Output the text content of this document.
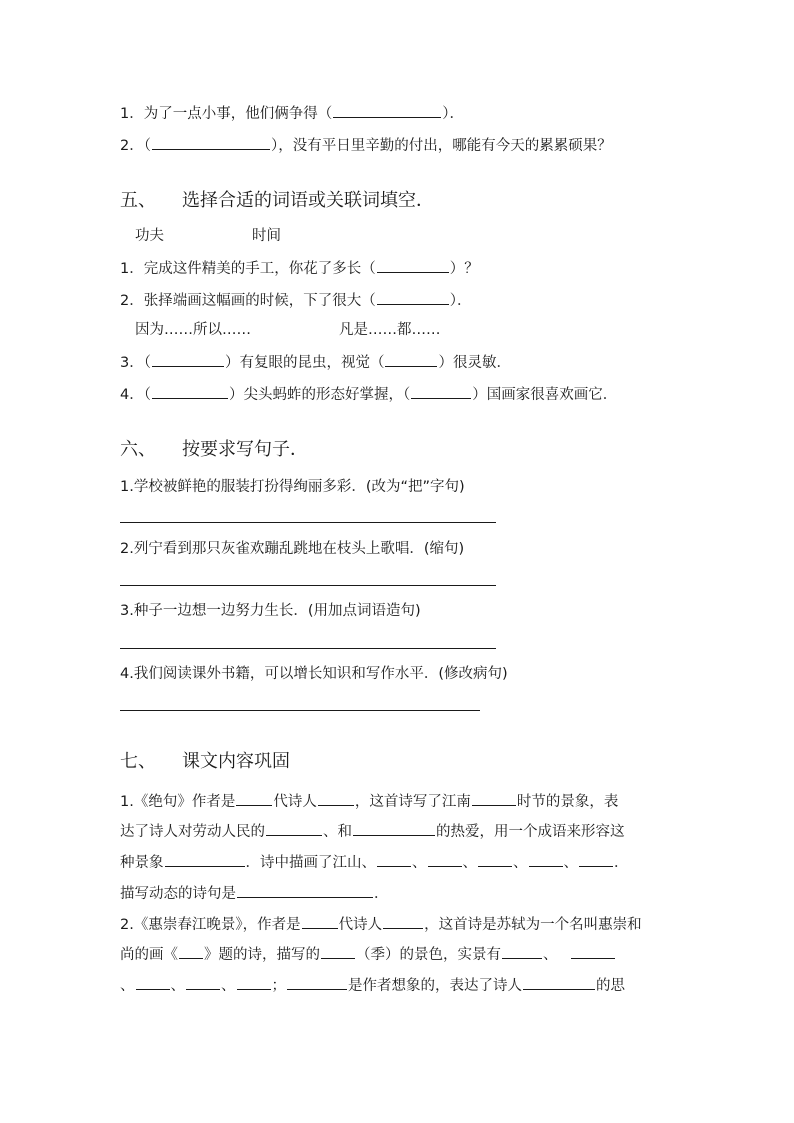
1．为了一点小事，他们俩争得（	）．
2．（	），没有平日里辛勤的付出，哪能有今天的累累硕果？
五、 选择合适的词语或关联词填空．
功夫	时间
1．完成这件精美的手工，你花了多长（	）？
2．张择端画这幅画的时候，下了很大（	）．
因为……所以……	凡是……都……
3．（	）有复眼的昆虫，视觉（	）很灵敏．
4．（	）尖头蚂蚱的形态好掌握，（	）国画家很喜欢画它．
六、 按要求写句子．
1.学校被鲜艳的服装打扮得绚丽多彩．(改为“把”字句)
2.列宁看到那只灰雀欢蹦乱跳地在枝头上歌唱．(缩句)
3.种子一边想一边努力生长．(用加点词语造句)
4.我们阅读课外书籍，可以增长知识和写作水平．(修改病句)
七、 课文内容巩固
1.《绝句》作者是	代诗人	，这首诗写了江南	时节的景象，表
达了诗人对劳动人民的	、和	的热爱，用一个成语来形容这
种景象	．诗中描画了江山、 、 、 、 、 ．
描写动态的诗句是	．
2.《惠崇春江晚景》，作者是	代诗人	，这首诗是苏轼为一个名叫惠崇和
尚的画《 》题的诗，描写的 （季）的景色，实景有	、
、 、 、 ；	是作者想象的，表达了诗人	的思
